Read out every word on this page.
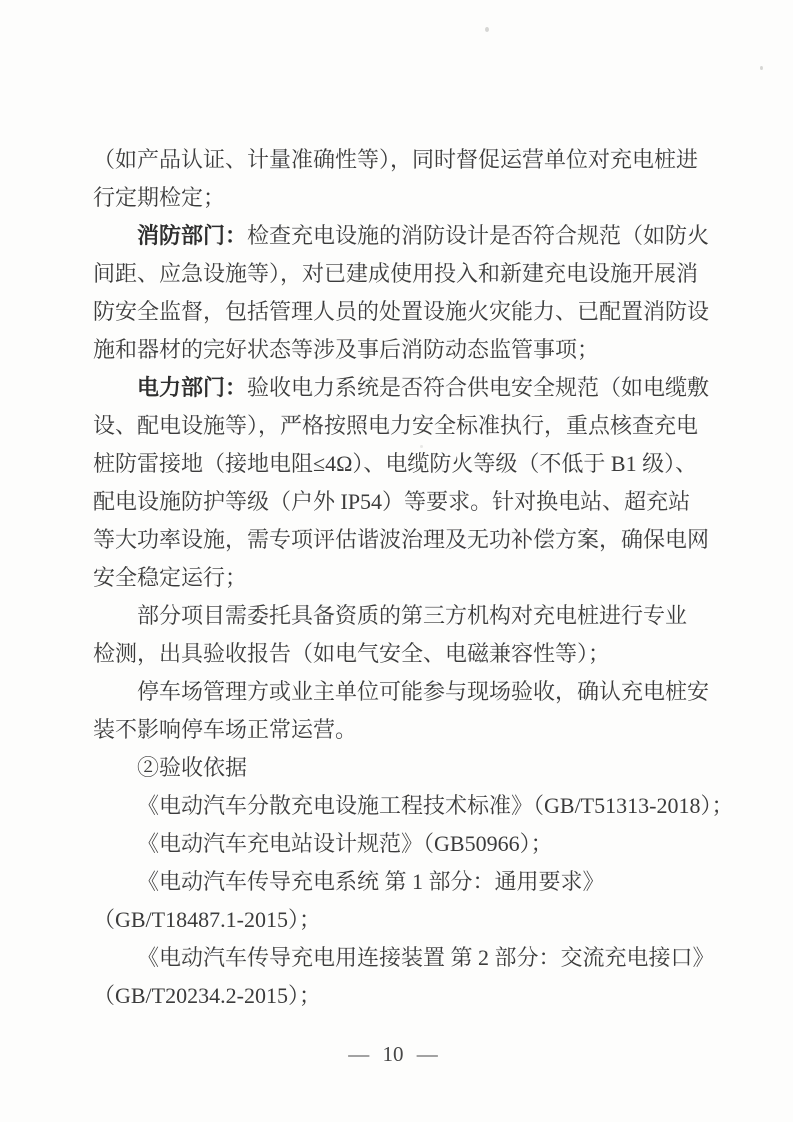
（如产品认证、计量准确性等），同时督促运营单位对充电桩进
行定期检定；
消防部门：检查充电设施的消防设计是否符合规范（如防火
间距、应急设施等），对已建成使用投入和新建充电设施开展消
防安全监督，包括管理人员的处置设施火灾能力、已配置消防设
施和器材的完好状态等涉及事后消防动态监管事项；
电力部门：验收电力系统是否符合供电安全规范（如电缆敷
设、配电设施等），严格按照电力安全标准执行，重点核查充电
桩防雷接地（接地电阻≤4Ω）、电缆防火等级（不低于 B1 级）、
配电设施防护等级（户外 IP54）等要求。针对换电站、超充站
等大功率设施，需专项评估谐波治理及无功补偿方案，确保电网
安全稳定运行；
部分项目需委托具备资质的第三方机构对充电桩进行专业
检测，出具验收报告（如电气安全、电磁兼容性等）；
停车场管理方或业主单位可能参与现场验收，确认充电桩安
装不影响停车场正常运营。
②验收依据
《电动汽车分散充电设施工程技术标准》（GB/T51313-2018）；
《电动汽车充电站设计规范》（GB50966）；
《电动汽车传导充电系统 第 1 部分：通用要求》
（GB/T18487.1-2015）；
《电动汽车传导充电用连接装置 第 2 部分：交流充电接口》
（GB/T20234.2-2015）；
— 10 —
